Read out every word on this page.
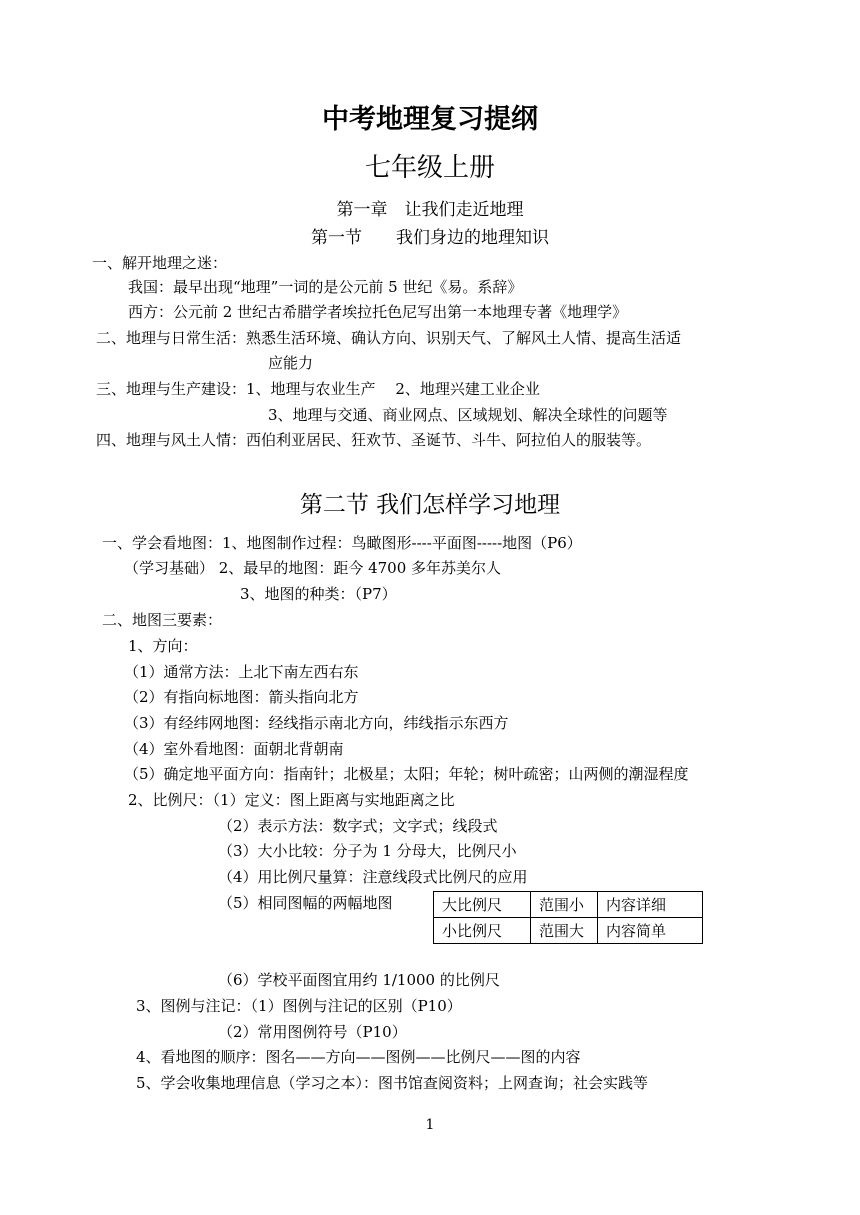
中考地理复习提纲
七年级上册
第一章　让我们走近地理
第一节　　我们身边的地理知识
一、解开地理之迷：
我国：最早出现“地理”一词的是公元前 5 世纪《易。系辞》
西方：公元前 2 世纪古希腊学者埃拉托色尼写出第一本地理专著《地理学》
二、地理与日常生活：熟悉生活环境、确认方向、识别天气、了解风土人情、提高生活适
应能力
三、地理与生产建设：1、地理与农业生产　 2、地理兴建工业企业
3、地理与交通、商业网点、区域规划、解决全球性的问题等
四、地理与风土人情：西伯利亚居民、狂欢节、圣诞节、斗牛、阿拉伯人的服装等。
第二节 我们怎样学习地理
一、学会看地图：1、地图制作过程：鸟瞰图形----平面图-----地图（P6）
（学习基础） 2、最早的地图：距今 4700 多年苏美尔人
3、地图的种类：（P7）
二、地图三要素：
1、方向：
（1）通常方法：上北下南左西右东
（2）有指向标地图：箭头指向北方
（3）有经纬网地图：经线指示南北方向，纬线指示东西方
（4）室外看地图：面朝北背朝南
（5）确定地平面方向：指南针；北极星；太阳；年轮；树叶疏密；山两侧的潮湿程度
2、比例尺：（1）定义：图上距离与实地距离之比
（2）表示方法：数字式；文字式；线段式
（3）大小比较：分子为 1 分母大，比例尺小
（4）用比例尺量算：注意线段式比例尺的应用
（5）相同图幅的两幅地图	大比例尺	范围小	内容详细
小比例尺	范围大	内容简单
（6）学校平面图宜用约 1/1000 的比例尺
3、图例与注记：（1）图例与注记的区别（P10）
（2）常用图例符号（P10）
4、看地图的顺序：图名——方向——图例——比例尺——图的内容
5、学会收集地理信息（学习之本）：图书馆查阅资料；上网查询；社会实践等
1
